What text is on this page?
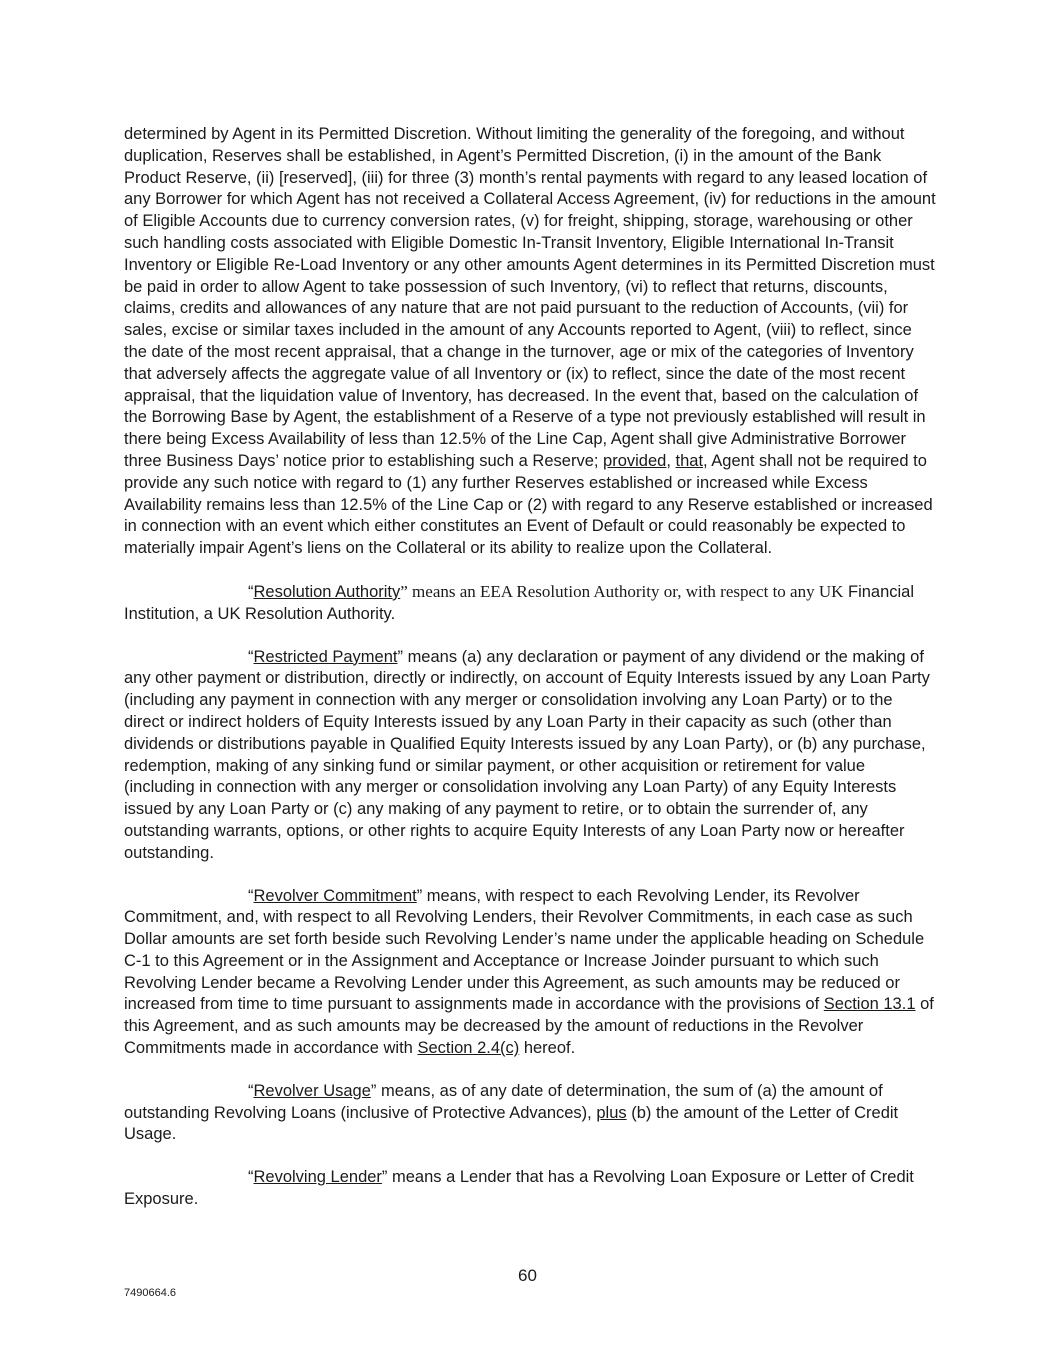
determined by Agent in its Permitted Discretion. Without limiting the generality of the foregoing, and without duplication, Reserves shall be established, in Agent’s Permitted Discretion, (i) in the amount of the Bank Product Reserve, (ii) [reserved], (iii) for three (3) month’s rental payments with regard to any leased location of any Borrower for which Agent has not received a Collateral Access Agreement, (iv) for reductions in the amount of Eligible Accounts due to currency conversion rates, (v) for freight, shipping, storage, warehousing or other such handling costs associated with Eligible Domestic In-Transit Inventory, Eligible International In-Transit Inventory or Eligible Re-Load Inventory or any other amounts Agent determines in its Permitted Discretion must be paid in order to allow Agent to take possession of such Inventory, (vi) to reflect that returns, discounts, claims, credits and allowances of any nature that are not paid pursuant to the reduction of Accounts, (vii) for sales, excise or similar taxes included in the amount of any Accounts reported to Agent, (viii) to reflect, since the date of the most recent appraisal, that a change in the turnover, age or mix of the categories of Inventory that adversely affects the aggregate value of all Inventory or (ix) to reflect, since the date of the most recent appraisal, that the liquidation value of Inventory, has decreased. In the event that, based on the calculation of the Borrowing Base by Agent, the establishment of a Reserve of a type not previously established will result in there being Excess Availability of less than 12.5% of the Line Cap, Agent shall give Administrative Borrower three Business Days’ notice prior to establishing such a Reserve; provided, that, Agent shall not be required to provide any such notice with regard to (1) any further Reserves established or increased while Excess Availability remains less than 12.5% of the Line Cap or (2) with regard to any Reserve established or increased in connection with an event which either constitutes an Event of Default or could reasonably be expected to materially impair Agent’s liens on the Collateral or its ability to realize upon the Collateral.

“Resolution Authority” means an EEA Resolution Authority or, with respect to any UK Financial Institution, a UK Resolution Authority.

“Restricted Payment” means (a) any declaration or payment of any dividend or the making of any other payment or distribution, directly or indirectly, on account of Equity Interests issued by any Loan Party (including any payment in connection with any merger or consolidation involving any Loan Party) or to the direct or indirect holders of Equity Interests issued by any Loan Party in their capacity as such (other than dividends or distributions payable in Qualified Equity Interests issued by any Loan Party), or (b) any purchase, redemption, making of any sinking fund or similar payment, or other acquisition or retirement for value (including in connection with any merger or consolidation involving any Loan Party) of any Equity Interests issued by any Loan Party or (c) any making of any payment to retire, or to obtain the surrender of, any outstanding warrants, options, or other rights to acquire Equity Interests of any Loan Party now or hereafter outstanding.

“Revolver Commitment” means, with respect to each Revolving Lender, its Revolver Commitment, and, with respect to all Revolving Lenders, their Revolver Commitments, in each case as such Dollar amounts are set forth beside such Revolving Lender’s name under the applicable heading on Schedule C-1 to this Agreement or in the Assignment and Acceptance or Increase Joinder pursuant to which such Revolving Lender became a Revolving Lender under this Agreement, as such amounts may be reduced or increased from time to time pursuant to assignments made in accordance with the provisions of Section 13.1 of this Agreement, and as such amounts may be decreased by the amount of reductions in the Revolver Commitments made in accordance with Section 2.4(c) hereof.

“Revolver Usage” means, as of any date of determination, the sum of (a) the amount of outstanding Revolving Loans (inclusive of Protective Advances), plus (b) the amount of the Letter of Credit Usage.

“Revolving Lender” means a Lender that has a Revolving Loan Exposure or Letter of Credit Exposure.

60
7490664.6
